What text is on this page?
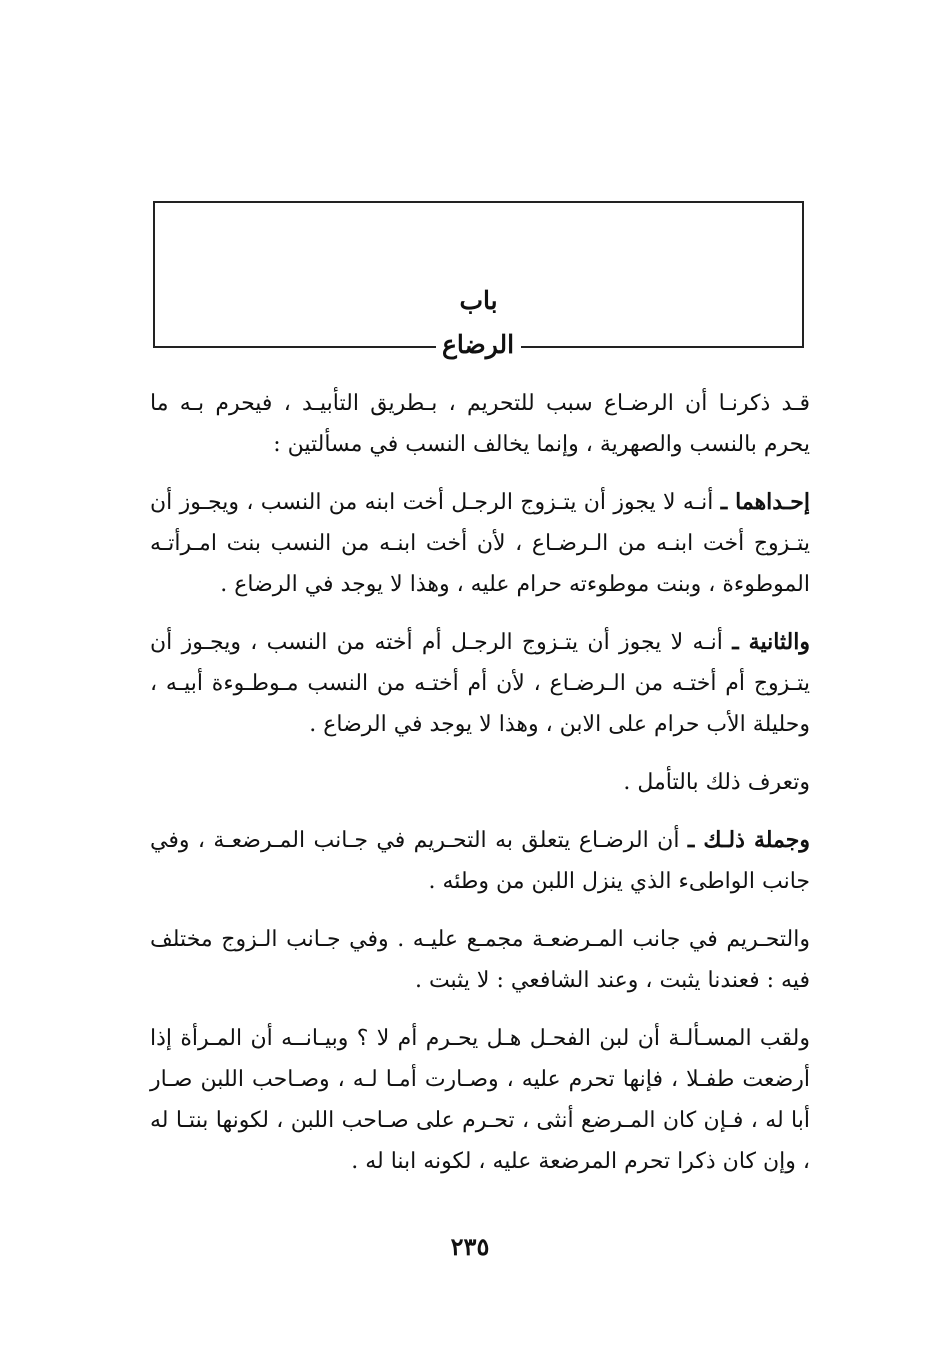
باب
الرضاع

قـد ذكرنـا أن الرضـاع سبب للتحريم ، بـطريق التأبيـد ، فيحرم بـه ما يحرم بالنسب والصهرية ، وإنما يخالف النسب في مسألتين :

إحـداهما ـ أنـه لا يجوز أن يتـزوج الرجـل أخت ابنه من النسب ، ويجـوز أن يتـزوج أخت ابنـه من الـرضـاع ، لأن أخت ابنـه من النسب بنت امـرأتـه الموطوءة ، وبنت موطوءته حرام عليه ، وهذا لا يوجد في الرضاع .

والثانية ـ أنـه لا يجوز أن يتـزوج الرجـل أم أخته من النسب ، ويجـوز أن يتـزوج أم أختـه من الـرضـاع ، لأن أم أختـه من النسب مـوطـوءة أبيـه ، وحليلة الأب حرام على الابن ، وهذا لا يوجد في الرضاع .

وتعرف ذلك بالتأمل .

وجملة ذلـك ـ أن الرضـاع يتعلق به التحـريم في جـانب المـرضعـة ، وفي جانب الواطىء الذي ينزل اللبن من وطئه .

والتحـريم في جانب المـرضعـة مجمـع عليـه . وفي جـانب الـزوج مختلف فيه : فعندنا يثبت ، وعند الشافعي : لا يثبت .

ولقب المسـألـة أن لبن الفحـل هـل يحـرم أم لا ؟ وبيـانــه أن المـرأة إذا أرضعت طفـلا ، فإنها تحرم عليه ، وصـارت أمـا لـه ، وصـاحب اللبن صـار أبا له ، فـإن كان المـرضع أنثى ، تحـرم على صـاحب اللبن ، لكونها بنتـا له ، وإن كان ذكرا تحرم المرضعة عليه ، لكونه ابنا له .

٢٣٥
